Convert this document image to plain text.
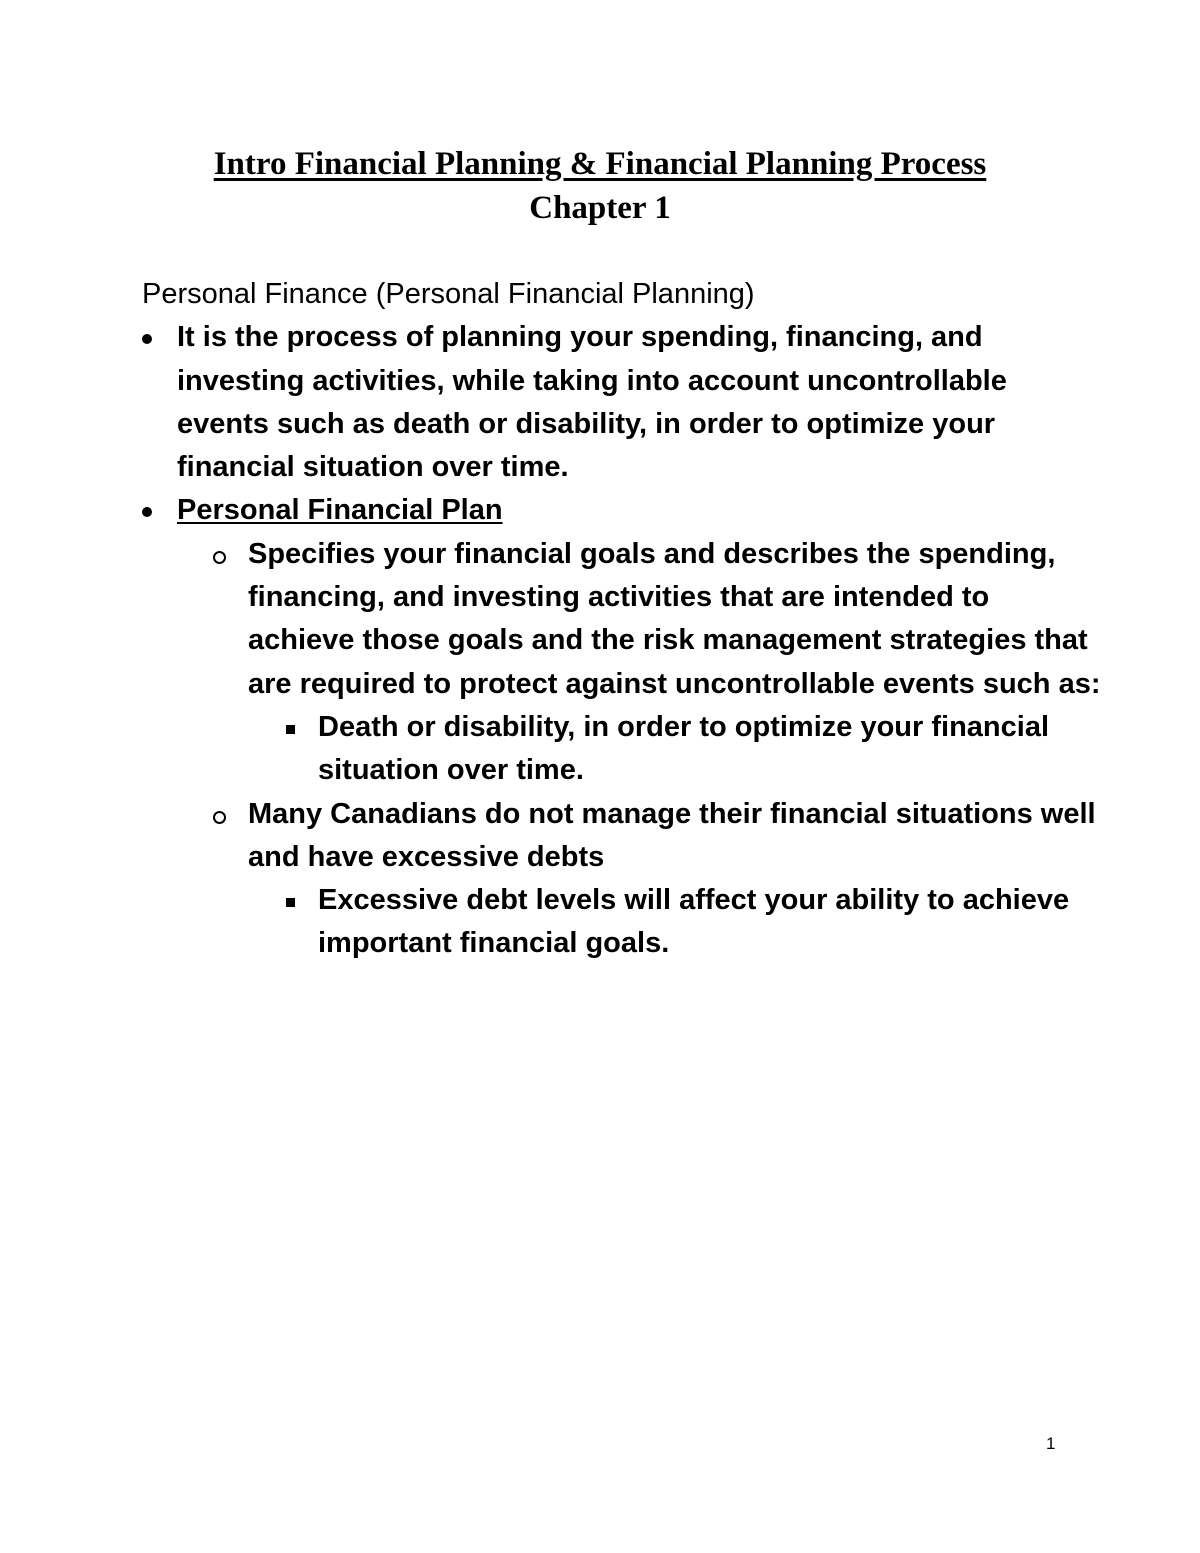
Intro Financial Planning & Financial Planning Process
Chapter 1

Personal Finance (Personal Financial Planning)

It is the process of planning your spending, financing, and investing activities, while taking into account uncontrollable events such as death or disability, in order to optimize your financial situation over time.
Personal Financial Plan
Specifies your financial goals and describes the spending, financing, and investing activities that are intended to achieve those goals and the risk management strategies that are required to protect against uncontrollable events such as:
Death or disability, in order to optimize your financial situation over time.
Many Canadians do not manage their financial situations well and have excessive debts
Excessive debt levels will affect your ability to achieve important financial goals.
1
